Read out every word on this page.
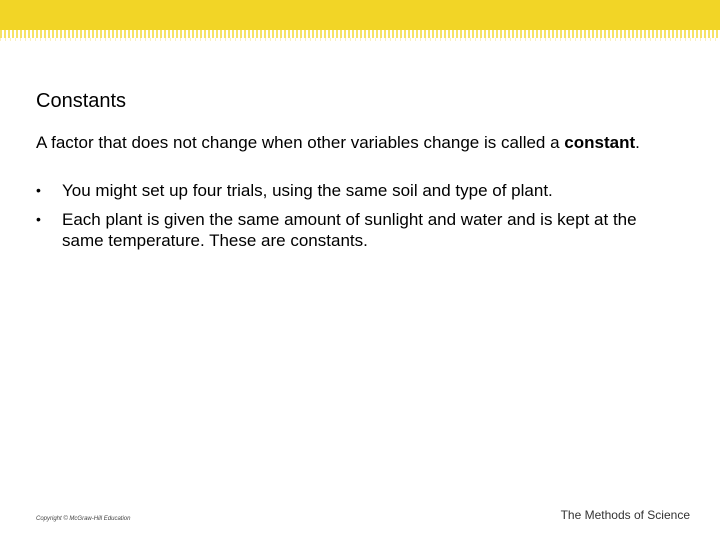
Constants

A factor that does not change when other variables change is called a constant.

• You might set up four trials, using the same soil and type of plant.
• Each plant is given the same amount of sunlight and water and is kept at the same temperature. These are constants.
Copyright © McGraw-Hill Education	The Methods of Science
